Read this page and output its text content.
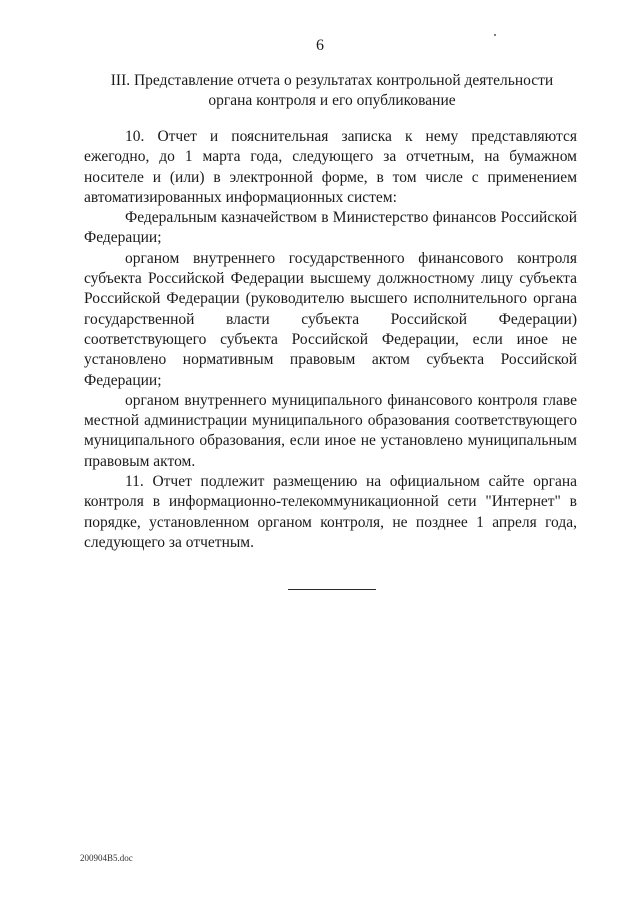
6
III. Представление отчета о результатах контрольной деятельности
органа контроля и его опубликование

10. Отчет и пояснительная записка к нему представляются ежегодно, до 1 марта года, следующего за отчетным, на бумажном носителе и (или) в электронной форме, в том числе с применением автоматизированных информационных систем:

Федеральным казначейством в Министерство финансов Российской Федерации;

органом внутреннего государственного финансового контроля субъекта Российской Федерации высшему должностному лицу субъекта Российской Федерации (руководителю высшего исполнительного органа государственной власти субъекта Российской Федерации) соответствующего субъекта Российской Федерации, если иное не установлено нормативным правовым актом субъекта Российской Федерации;

органом внутреннего муниципального финансового контроля главе местной администрации муниципального образования соответствующего муниципального образования, если иное не установлено муниципальным правовым актом.

11. Отчет подлежит размещению на официальном сайте органа контроля в информационно-телекоммуникационной сети "Интернет" в порядке, установленном органом контроля, не позднее 1 апреля года, следующего за отчетным.

200904В5.doc
